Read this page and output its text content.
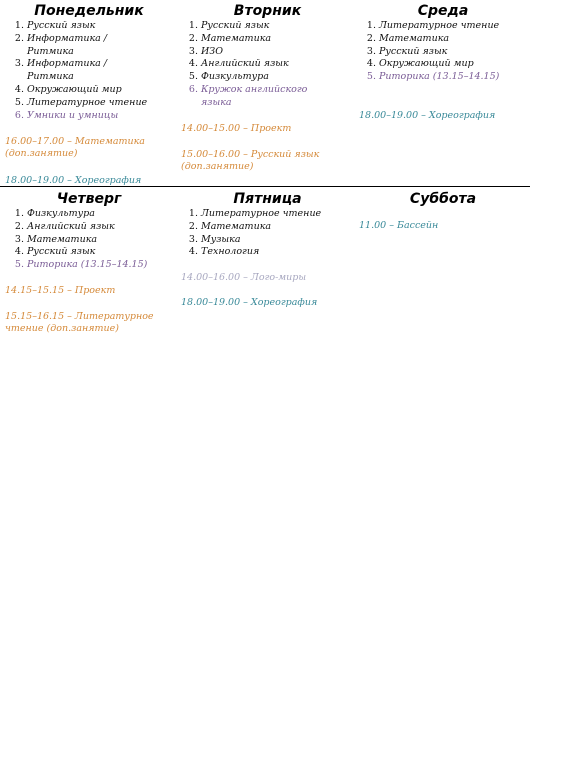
Понедельник
1. Русский язык
2. Информатика /
Ритмика
3. Информатика /
Ритмика
4. Окружающий мир
5. Литературное чтение
6. Умники и умницы
16.00–17.00 – Математика
(доп.занятие)
18.00–19.00 – Хореография
Вторник
1. Русский язык
2. Математика
3. ИЗО
4. Английский язык
5. Физкультура
6. Кружок английского
языка
14.00–15.00 – Проект
15.00–16.00 – Русский язык
(доп.занятие)
Среда
1. Литературное чтение
2. Математика
3. Русский язык
4. Окружающий мир
5. Риторика (13.15–14.15)
18.00–19.00 – Хореография
Четверг
1. Физкультура
2. Английский язык
3. Математика
4. Русский язык
5. Риторика (13.15–14.15)
14.15–15.15 – Проект
15.15–16.15 – Литературное
чтение (доп.занятие)
Пятница
1. Литературное чтение
2. Математика
3. Музыка
4. Технология
14.00–16.00 – Лого-миры
18.00–19.00 – Хореография
Суббота
11.00 – Бассейн
